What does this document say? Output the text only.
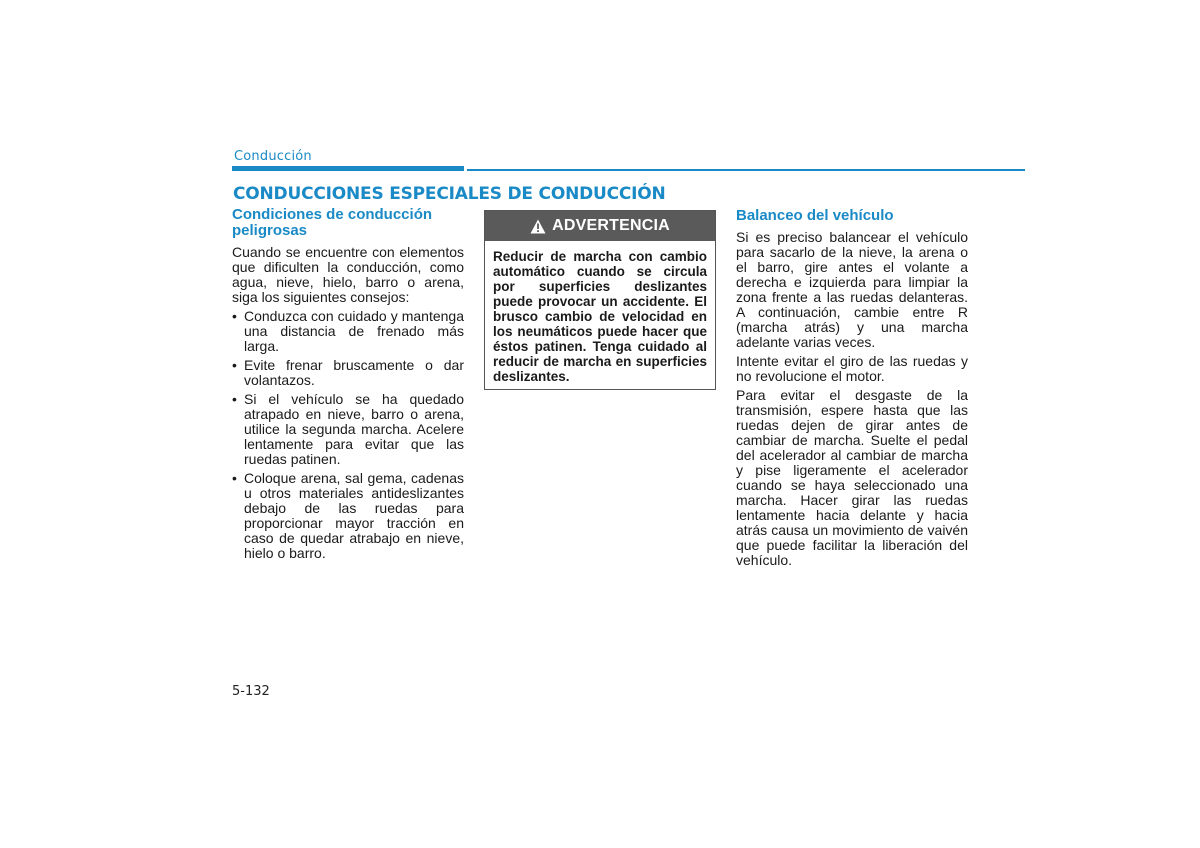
Conducción
CONDUCCIONES ESPECIALES DE CONDUCCIÓN
Condiciones de conducción peligrosas

Cuando se encuentre con elementos que dificulten la conducción, como agua, nieve, hielo, barro o arena, siga los siguientes consejos:

• Conduzca con cuidado y mantenga una distancia de frenado más larga.
• Evite frenar bruscamente o dar volantazos.
• Si el vehículo se ha quedado atrapado en nieve, barro o arena, utilice la segunda marcha. Acelere lentamente para evitar que las ruedas patinen.
• Coloque arena, sal gema, cadenas u otros materiales antideslizantes debajo de las ruedas para proporcionar mayor tracción en caso de quedar atrabajo en nieve, hielo o barro.
ADVERTENCIA
Reducir de marcha con cambio automático cuando se circula por superficies deslizantes puede provocar un accidente. El brusco cambio de velocidad en los neumáticos puede hacer que éstos patinen. Tenga cuidado al reducir de marcha en superficies deslizantes.
Balanceo del vehículo

Si es preciso balancear el vehículo para sacarlo de la nieve, la arena o el barro, gire antes el volante a derecha e izquierda para limpiar la zona frente a las ruedas delanteras. A continuación, cambie entre R (marcha atrás) y una marcha adelante varias veces.

Intente evitar el giro de las ruedas y no revolucione el motor.

Para evitar el desgaste de la transmisión, espere hasta que las ruedas dejen de girar antes de cambiar de marcha. Suelte el pedal del acelerador al cambiar de marcha y pise ligeramente el acelerador cuando se haya seleccionado una marcha. Hacer girar las ruedas lentamente hacia delante y hacia atrás causa un movimiento de vaivén que puede facilitar la liberación del vehículo.

5-132
